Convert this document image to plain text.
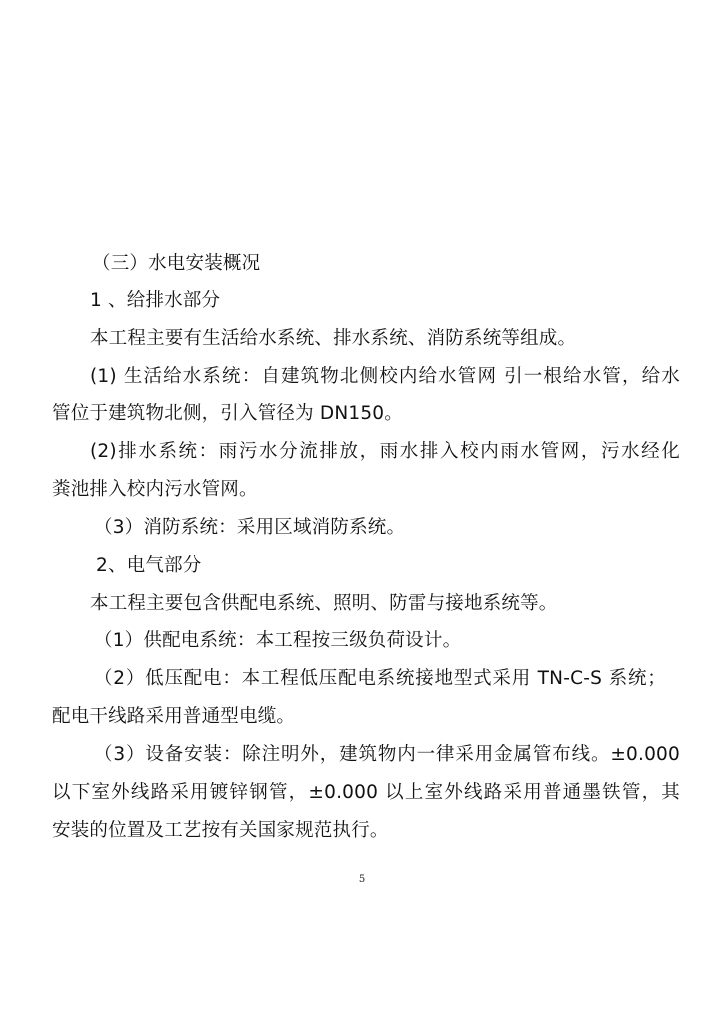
（三）水电安装概况
1 、给排水部分
本工程主要有生活给水系统、排水系统、消防系统等组成。
(1) 生活给水系统：自建筑物北侧校内给水管网 引一根给水管，给水
管位于建筑物北侧，引入管径为 DN150。
(2)排水系统：雨污水分流排放，雨水排入校内雨水管网，污水经化
粪池排入校内污水管网。
（3）消防系统：采用区域消防系统。
2、电气部分
本工程主要包含供配电系统、照明、防雷与接地系统等。
（1）供配电系统：本工程按三级负荷设计。
（2）低压配电：本工程低压配电系统接地型式采用 TN-C-S 系统；
配电干线路采用普通型电缆。
（3）设备安装：除注明外，建筑物内一律采用金属管布线。±0.000
以下室外线路采用镀锌钢管，±0.000 以上室外线路采用普通墨铁管，其
安装的位置及工艺按有关国家规范执行。
5
